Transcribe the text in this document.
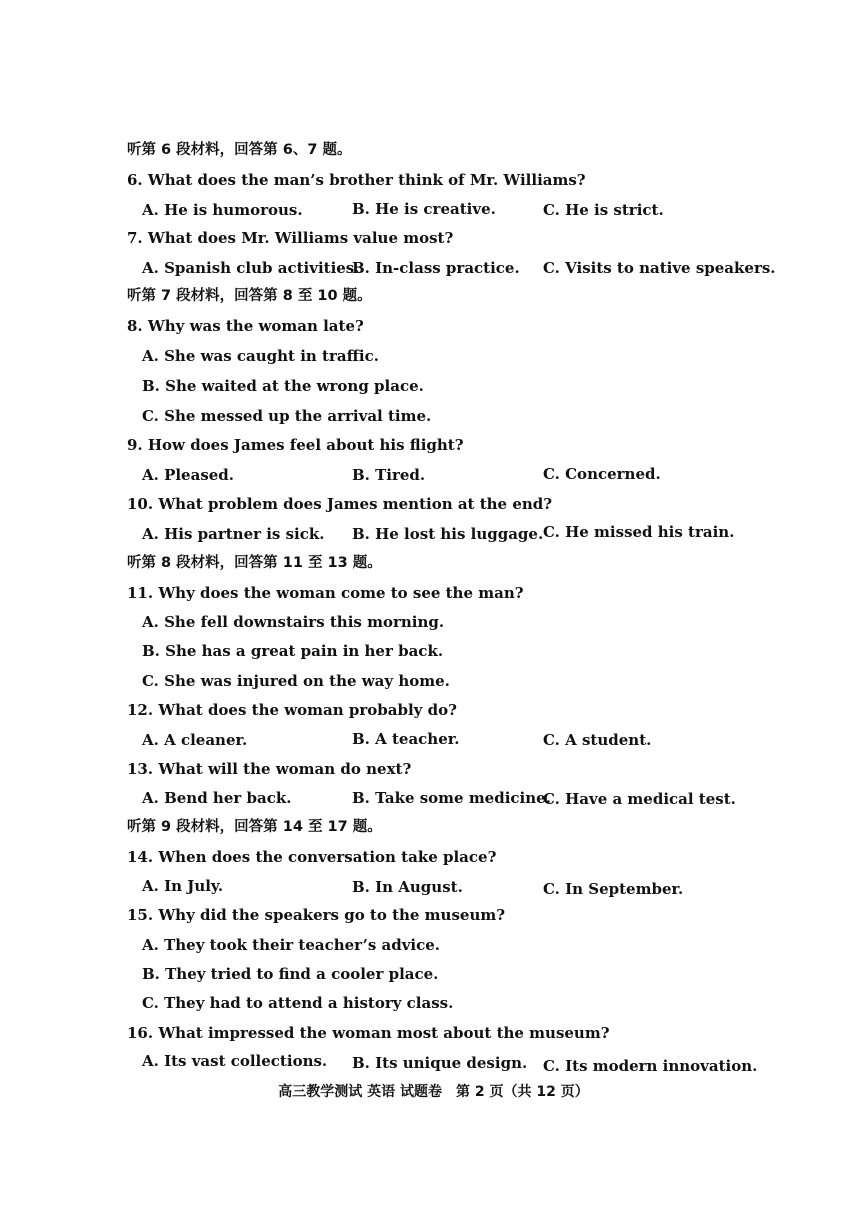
听第 6 段材料，回答第 6、7 题。
6. What does the man’s brother think of Mr. Williams?
A. He is humorous.	B. He is creative.	C. He is strict.
7. What does Mr. Williams value most?
A. Spanish club activities.
B. In-class practice. C. Visits to native speakers.
听第 7 段材料，回答第 8 至 10 题。
8. Why was the woman late?
A. She was caught in traffic.
B. She waited at the wrong place.
C. She messed up the arrival time.
9. How does James feel about his flight?
A. Pleased.	B. Tired.	C. Concerned.
10. What problem does James mention at the end?
A. His partner is sick. B. He lost his luggage. C. He missed his train.
听第 8 段材料，回答第 11 至 13 题。
11. Why does the woman come to see the man?
A. She fell downstairs this morning.
B. She has a great pain in her back.
C. She was injured on the way home.
12. What does the woman probably do?
A. A cleaner.	B. A teacher.	C. A student.
13. What will the woman do next?
A. Bend her back.	B. Take some medicine.
C. Have a medical test.
听第 9 段材料，回答第 14 至 17 题。
14. When does the conversation take place?
A. In July.	B. In August.	C. In September.
15. Why did the speakers go to the museum?
A. They took their teacher’s advice.
B. They tried to find a cooler place.
C. They had to attend a history class.
16. What impressed the woman most about the museum?
A. Its vast collections. B. Its unique design. C. Its modern innovation.
高三教学测试 英语 试题卷　第 2 页（共 12 页）
